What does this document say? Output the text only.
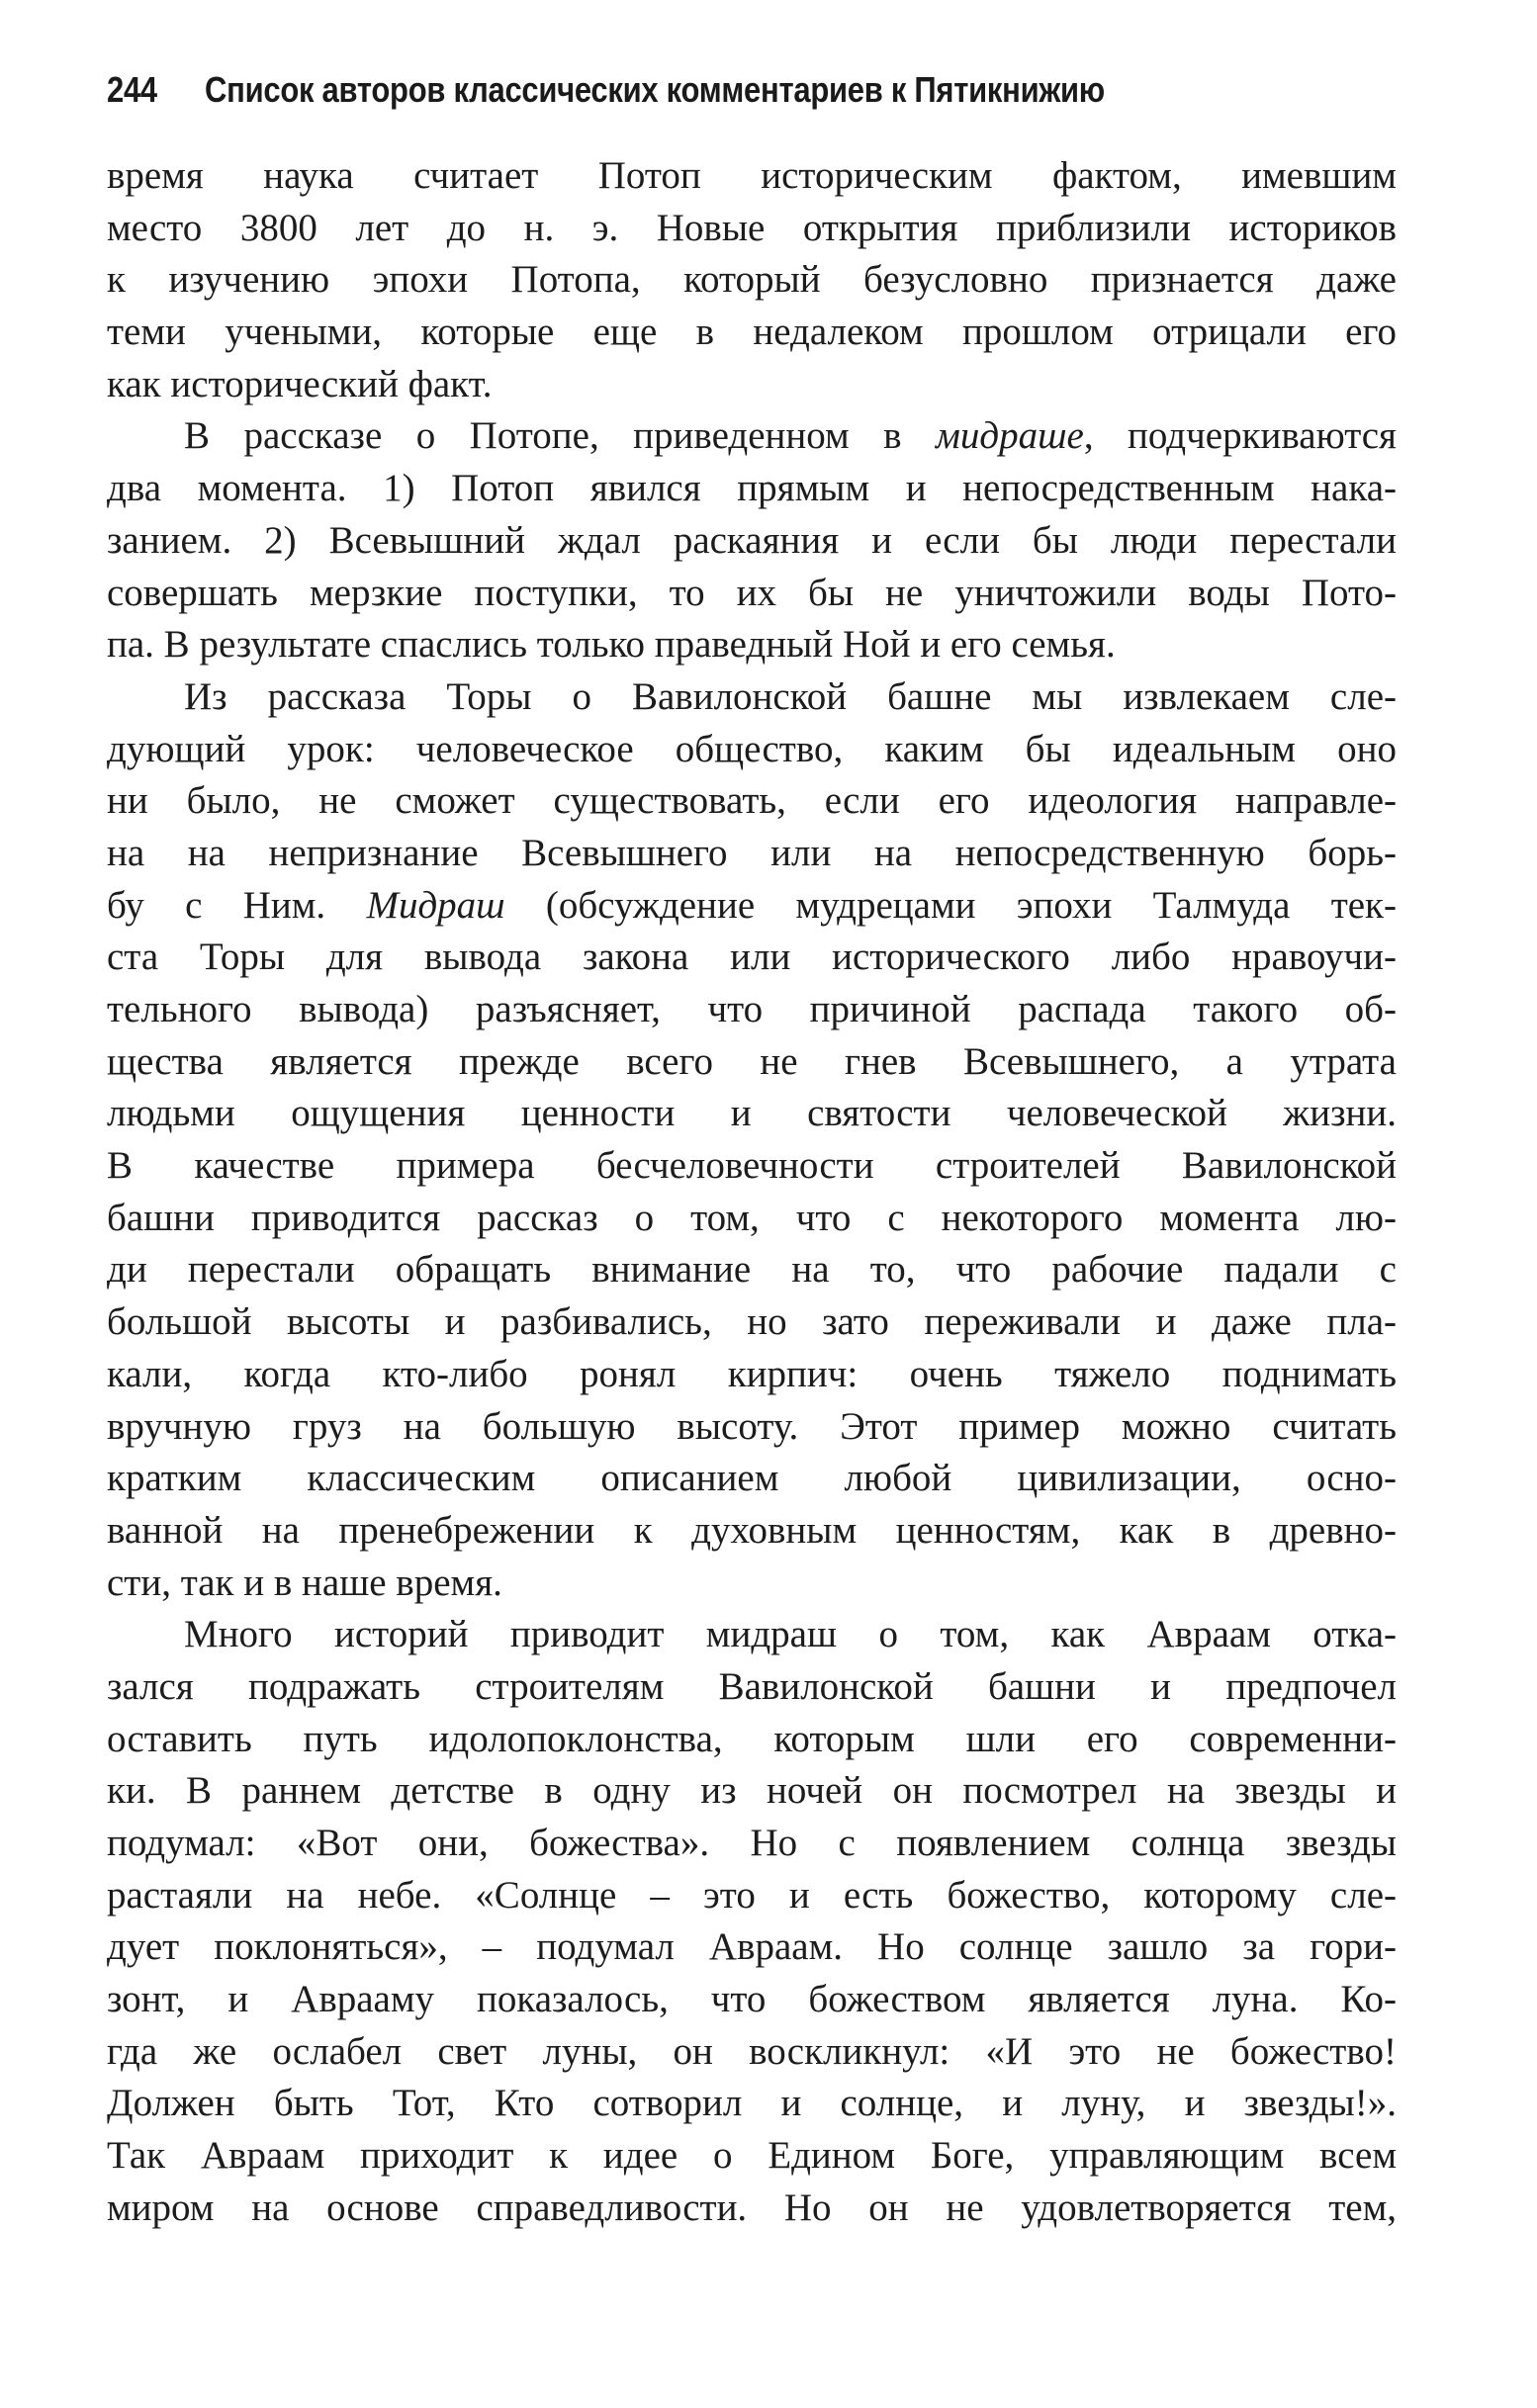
244 Список авторов классических комментариев к Пятикнижию
время наука считает Потоп историческим фактом, имевшим
место 3800 лет до н. э. Новые открытия приблизили историков
к изучению эпохи Потопа, который безусловно признается даже
теми учеными, которые еще в недалеком прошлом отрицали его
как исторический факт.
В рассказе о Потопе, приведенном в мидраше, подчеркиваются
два момента. 1) Потоп явился прямым и непосредственным нака-
занием. 2) Всевышний ждал раскаяния и если бы люди перестали
совершать мерзкие поступки, то их бы не уничтожили воды Пото-
па. В результате спаслись только праведный Ной и его семья.
Из рассказа Торы о Вавилонской башне мы извлекаем сле-
дующий урок: человеческое общество, каким бы идеальным оно
ни было, не сможет существовать, если его идеология направле-
на на непризнание Всевышнего или на непосредственную борь-
бу с Ним. Мидраш (обсуждение мудрецами эпохи Талмуда тек-
ста Торы для вывода закона или исторического либо нравоучи-
тельного вывода) разъясняет, что причиной распада такого об-
щества является прежде всего не гнев Всевышнего, а утрата
людьми ощущения ценности и святости человеческой жизни.
В качестве примера бесчеловечности строителей Вавилонской
башни приводится рассказ о том, что с некоторого момента лю-
ди перестали обращать внимание на то, что рабочие падали с
большой высоты и разбивались, но зато переживали и даже пла-
кали, когда кто-либо ронял кирпич: очень тяжело поднимать
вручную груз на большую высоту. Этот пример можно считать
кратким классическим описанием любой цивилизации, осно-
ванной на пренебрежении к духовным ценностям, как в древно-
сти, так и в наше время.
Много историй приводит мидраш о том, как Авраам отка-
зался подражать строителям Вавилонской башни и предпочел
оставить путь идолопоклонства, которым шли его современни-
ки. В раннем детстве в одну из ночей он посмотрел на звезды и
подумал: «Вот они, божества». Но с появлением солнца звезды
растаяли на небе. «Солнце – это и есть божество, которому сле-
дует поклоняться», – подумал Авраам. Но солнце зашло за гори-
зонт, и Аврааму показалось, что божеством является луна. Ко-
гда же ослабел свет луны, он воскликнул: «И это не божество!
Должен быть Тот, Кто сотворил и солнце, и луну, и звезды!».
Так Авраам приходит к идее о Едином Боге, управляющим всем
миром на основе справедливости. Но он не удовлетворяется тем,
